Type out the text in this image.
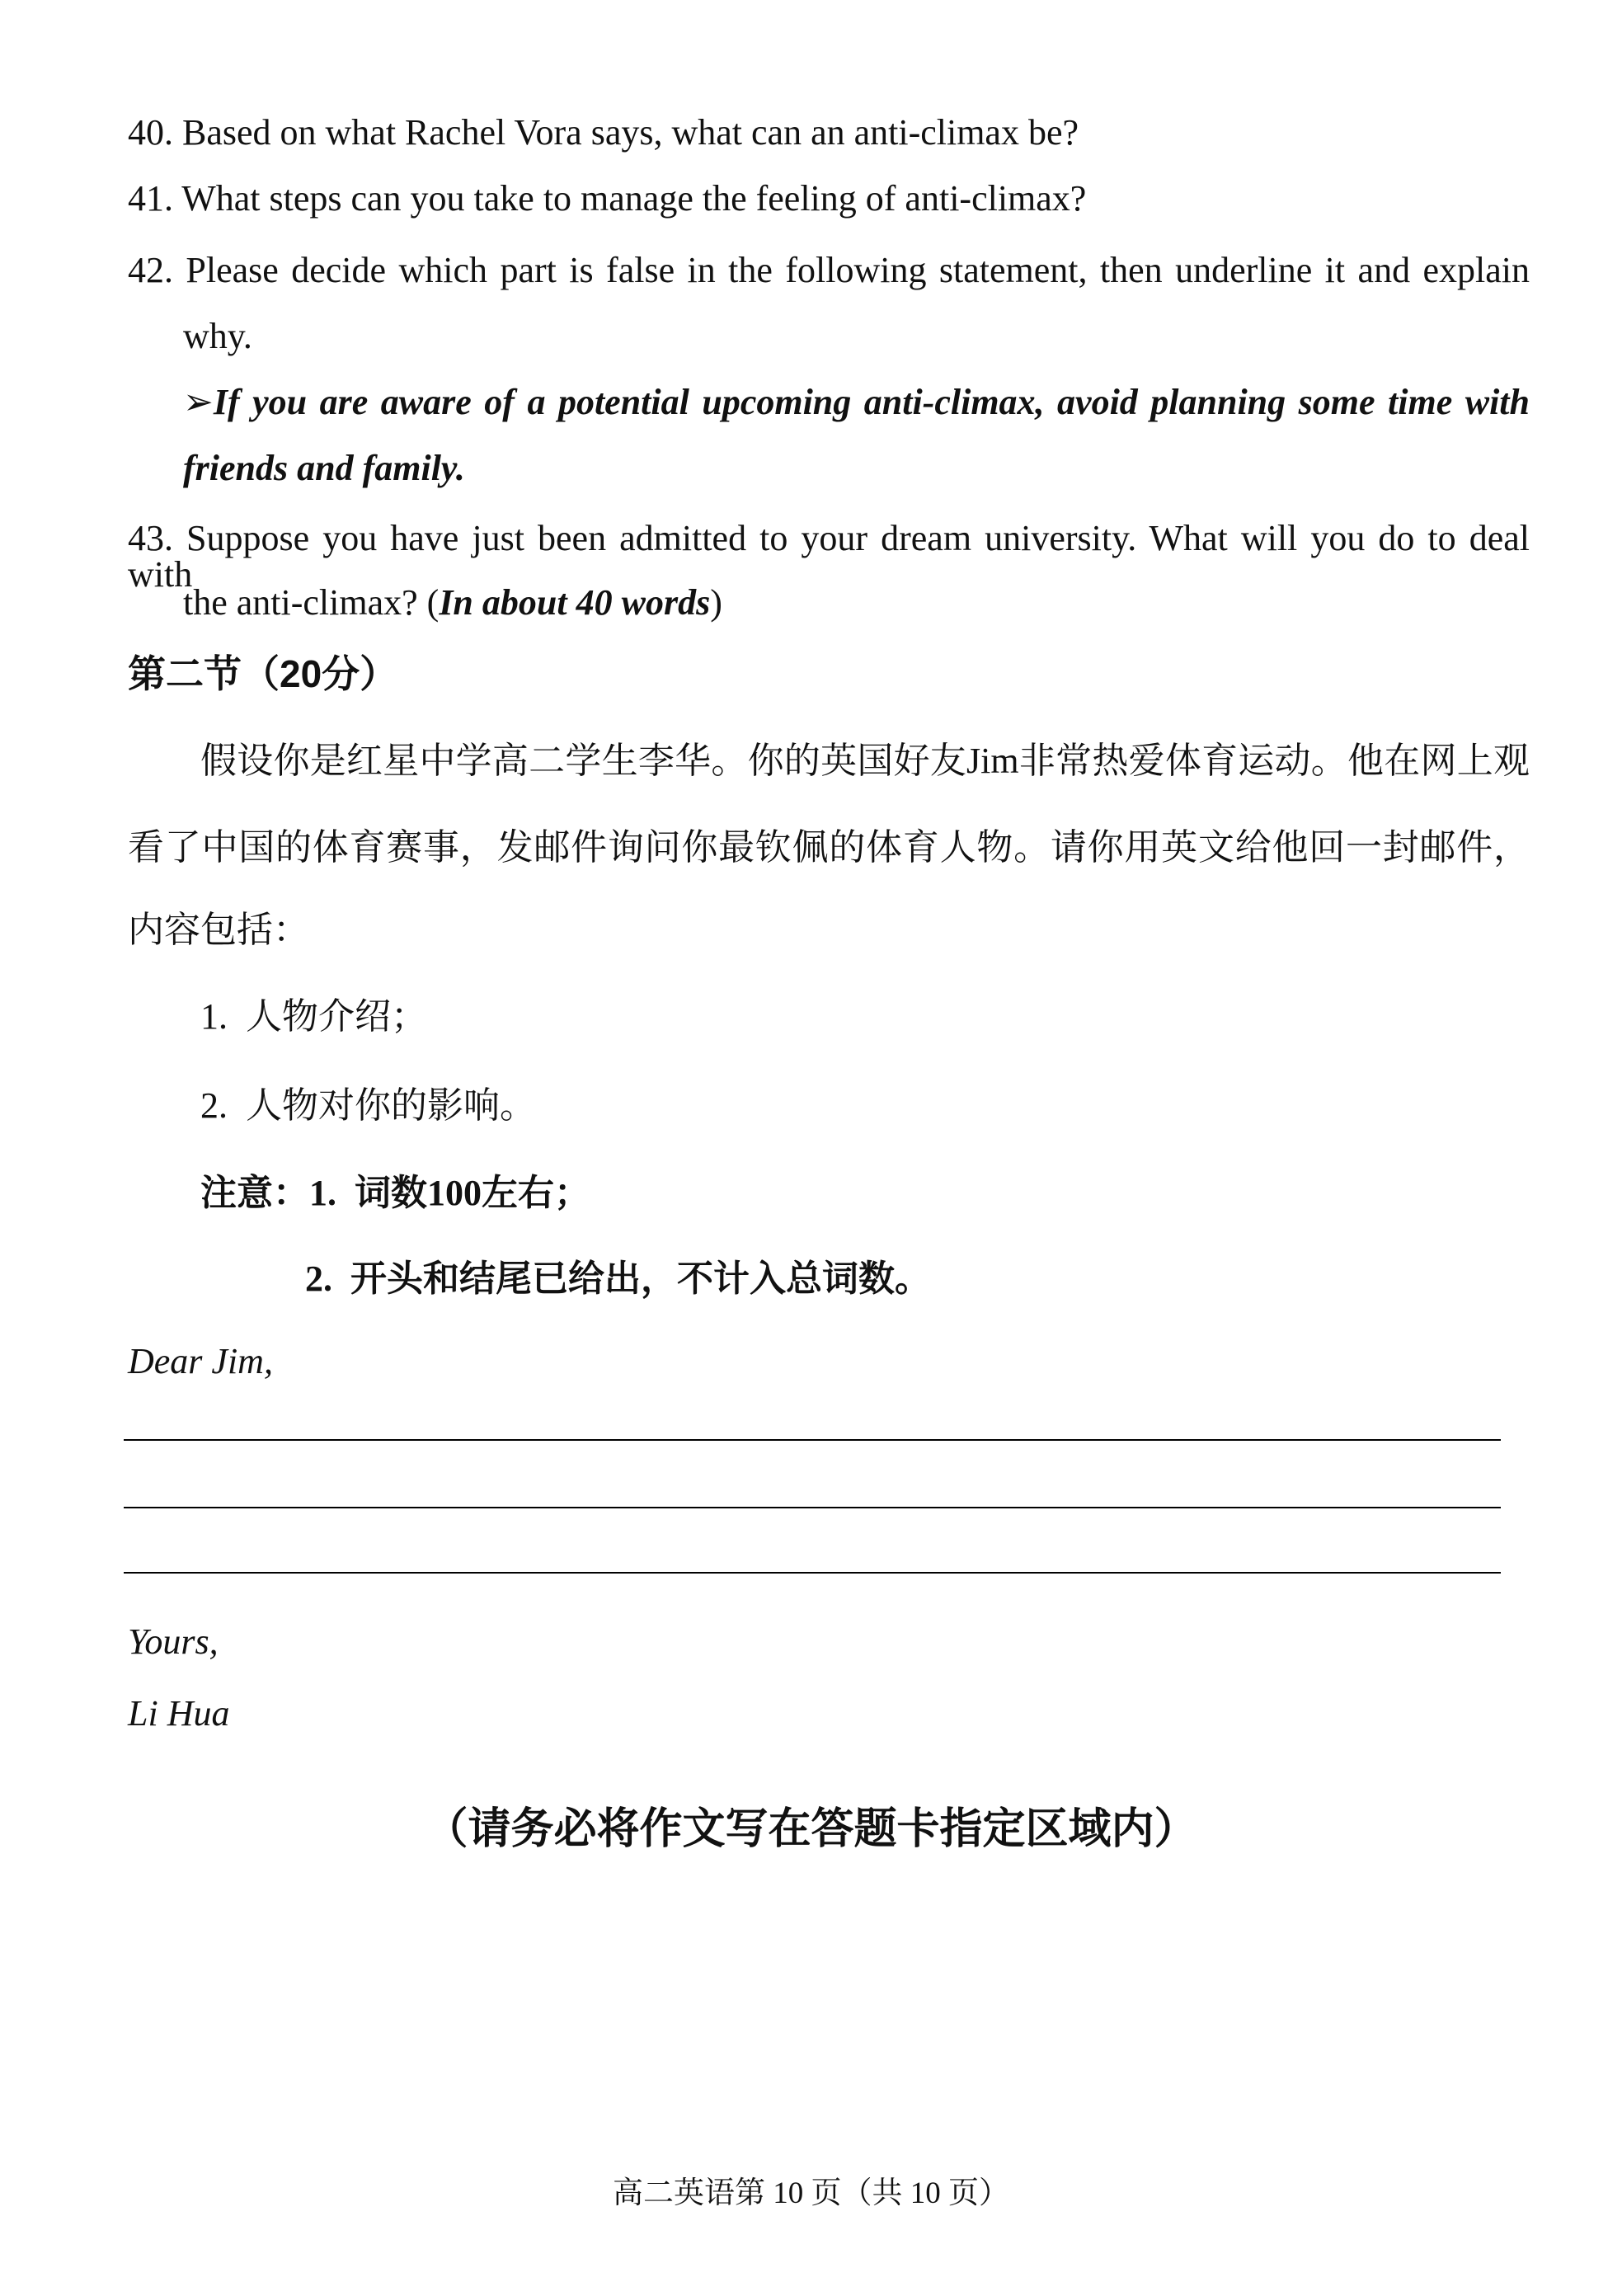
40. Based on what Rachel Vora says, what can an anti-climax be?
41. What steps can you take to manage the feeling of anti-climax?
42. Please decide which part is false in the following statement, then underline it and explain
why.
➢If you are aware of a potential upcoming anti-climax, avoid planning some time with
friends and family.
43. Suppose you have just been admitted to your dream university. What will you do to deal with
the anti-climax? (In about 40 words)
第二节（20分）
假设你是红星中学高二学生李华。你的英国好友Jim非常热爱体育运动。他在网上观
看了中国的体育赛事，发邮件询问你最钦佩的体育人物。请你用英文给他回一封邮件，
内容包括：
1. 人物介绍；
2. 人物对你的影响。
注意：1. 词数100左右；
2. 开头和结尾已给出，不计入总词数。
Dear Jim,
Yours,
Li Hua
（请务必将作文写在答题卡指定区域内）
高二英语第 10 页（共 10 页）
